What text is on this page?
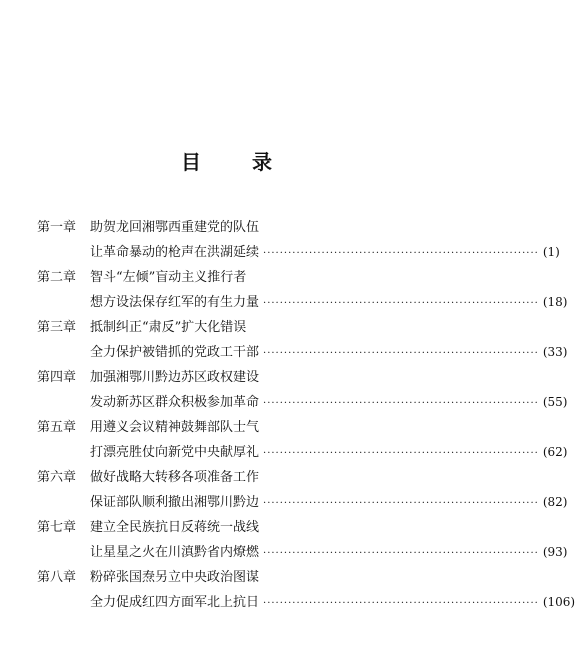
目 录
第一章 助贺龙回湘鄂西重建党的队伍
让革命暴动的枪声在洪湖延续 ·································································· (1)
第二章 智斗“左倾”盲动主义推行者
想方设法保存红军的有生力量 ·································································· (18)
第三章 抵制纠正“肃反”扩大化错误
全力保护被错抓的党政工干部 ·································································· (33)
第四章 加强湘鄂川黔边苏区政权建设
发动新苏区群众积极参加革命 ·································································· (55)
第五章 用遵义会议精神鼓舞部队士气
打漂亮胜仗向新党中央献厚礼 ·································································· (62)
第六章 做好战略大转移各项准备工作
保证部队顺利撤出湘鄂川黔边 ·································································· (82)
第七章 建立全民族抗日反蒋统一战线
让星星之火在川滇黔省内燎燃 ·································································· (93)
第八章 粉碎张国焘另立中央政治图谋
全力促成红四方面军北上抗日 ·································································· (106)
